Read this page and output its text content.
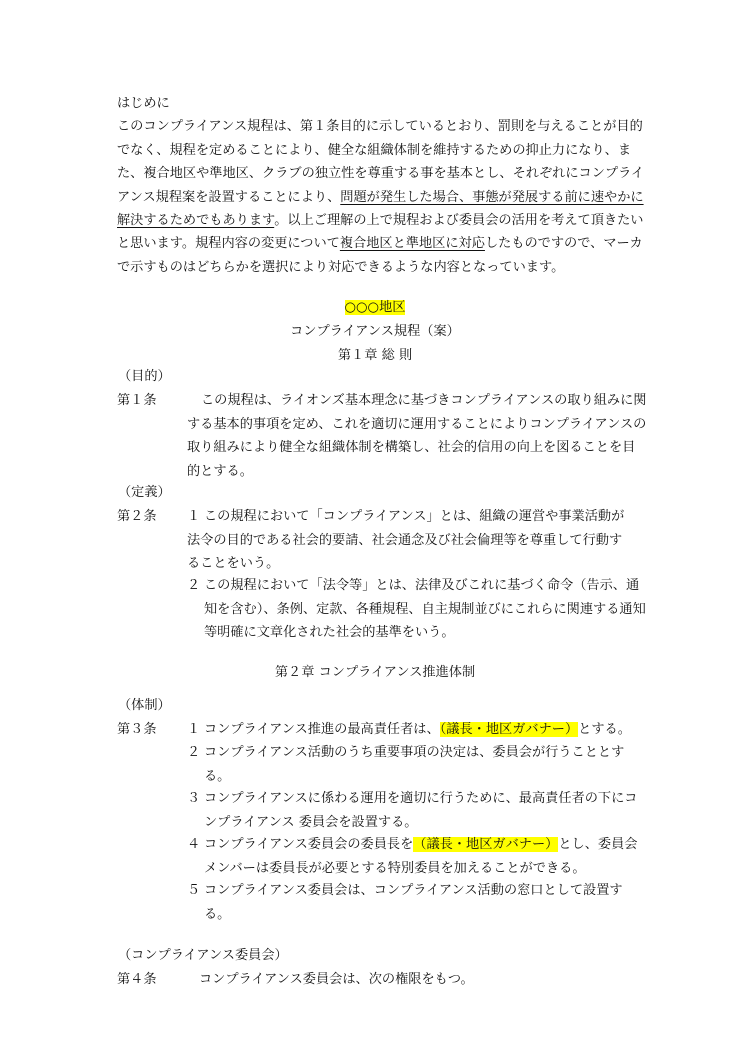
はじめに

このコンプライアンス規程は、第１条目的に示しているとおり、罰則を与えることが目的でなく、規程を定めることにより、健全な組織体制を維持するための抑止力になり、また、複合地区や準地区、クラブの独立性を尊重する事を基本とし、それぞれにコンプライアンス規程案を設置することにより、問題が発生した場合、事態が発展する前に速やかに解決するためでもあります。以上ご理解の上で規程および委員会の活用を考えて頂きたいと思います。規程内容の変更について複合地区と準地区に対応したものですので、マーカで示すものはどちらかを選択により対応できるような内容となっています。

○○○地区
コンプライアンス規程（案）
第１章 総 則
（目的）
第１条	この規程は、ライオンズ基本理念に基づきコンプライアンスの取り組みに関する基本的事項を定め、これを適切に運用することによりコンプライアンスの取り組みにより健全な組織体制を構築し、社会的信用の向上を図ることを目的とする。
（定義）
第２条 １ この規程において「コンプライアンス」とは、組織の運営や事業活動が法令の目的である社会的要請、社会通念及び社会倫理等を尊重して行動することをいう。
２ この規程において「法令等」とは、法律及びこれに基づく命令（告示、通知を含む）、条例、定款、各種規程、自主規制並びにこれらに関連する通知等明確に文章化された社会的基準をいう。
第２章 コンプライアンス推進体制
（体制）
第３条 １ コンプライアンス推進の最高責任者は、（議長・地区ガバナー）とする。
２ コンプライアンス活動のうち重要事項の決定は、委員会が行うこととする。
３ コンプライアンスに係わる運用を適切に行うために、最高責任者の下にコンプライアンス 委員会を設置する。
４ コンプライアンス委員会の委員長を（議長・地区ガバナー）とし、委員会メンバーは委員長が必要とする特別委員を加えることができる。
５ コンプライアンス委員会は、コンプライアンス活動の窓口として設置する。
（コンプライアンス委員会）
第４条	コンプライアンス委員会は、次の権限をもつ。
